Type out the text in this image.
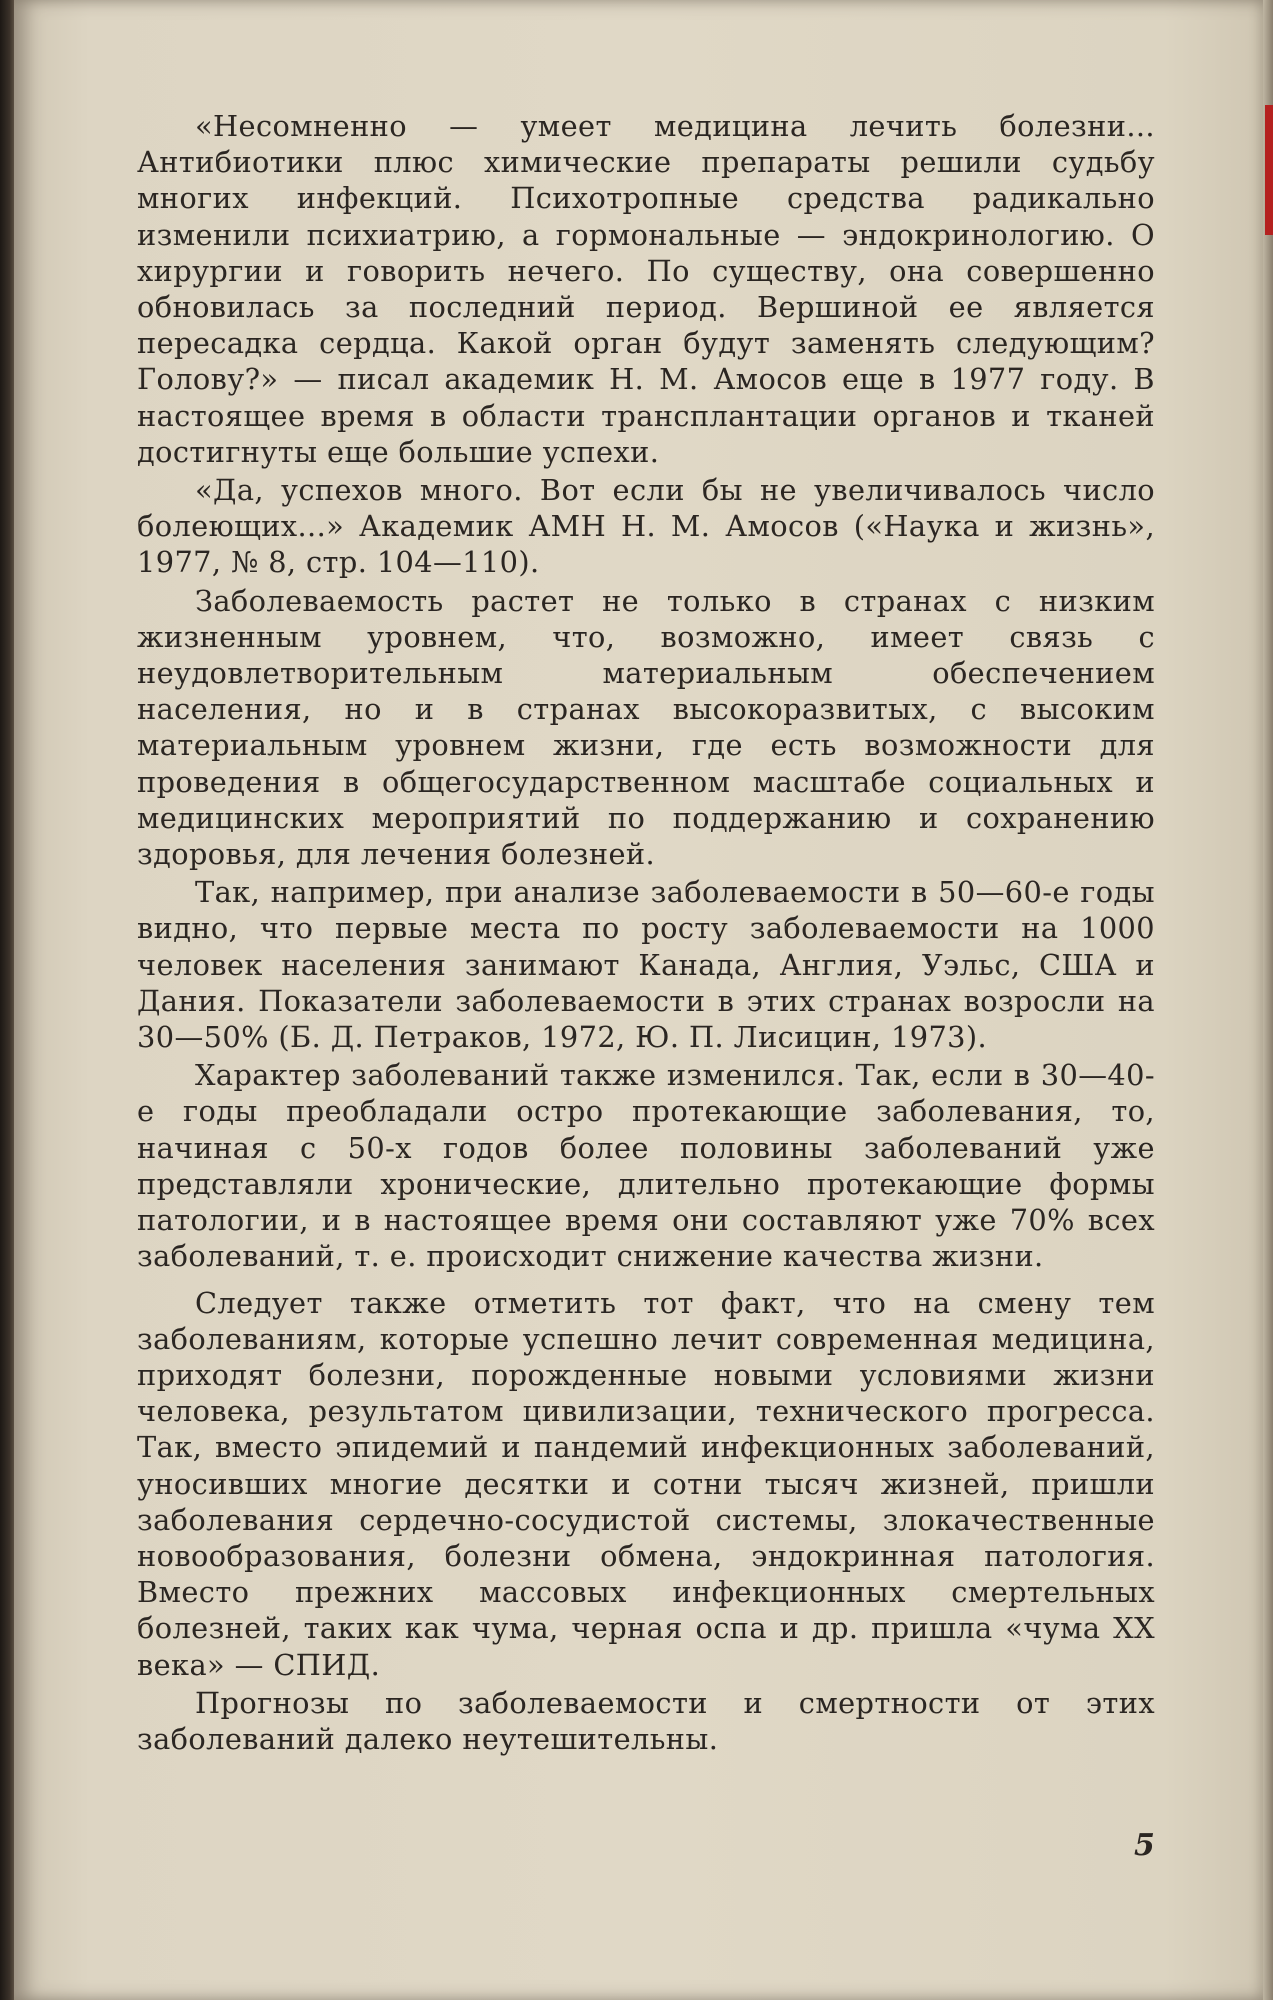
«Несомненно — умеет медицина лечить болезни... Антибиотики плюс химические препараты решили судьбу многих инфекций. Психотропные средства радикально изменили психиатрию, а гормональные — эндокринологию. О хирургии и говорить нечего. По существу, она совершенно обновилась за последний период. Вершиной ее является пересадка сердца. Какой орган будут заменять следующим? Голову?» — писал академик Н. М. Амосов еще в 1977 году. В настоящее время в области трансплантации органов и тканей достигнуты еще большие успехи.

«Да, успехов много. Вот если бы не увеличивалось число болеющих...» Академик АМН Н. М. Амосов («Наука и жизнь», 1977, № 8, стр. 104—110).

Заболеваемость растет не только в странах с низким жизненным уровнем, что, возможно, имеет связь с неудовлетворительным материальным обеспечением населения, но и в странах высокоразвитых, с высоким материальным уровнем жизни, где есть возможности для проведения в общегосударственном масштабе социальных и медицинских мероприятий по поддержанию и сохранению здоровья, для лечения болезней.

Так, например, при анализе заболеваемости в 50—60-е годы видно, что первые места по росту заболеваемости на 1000 человек населения занимают Канада, Англия, Уэльс, США и Дания. Показатели заболеваемости в этих странах возросли на 30—50% (Б. Д. Петраков, 1972, Ю. П. Лисицин, 1973).

Характер заболеваний также изменился. Так, если в 30—40-е годы преобладали остро протекающие заболевания, то, начиная с 50-х годов более половины заболеваний уже представляли хронические, длительно протекающие формы патологии, и в настоящее время они составляют уже 70% всех заболеваний, т. е. происходит снижение качества жизни.

Следует также отметить тот факт, что на смену тем заболеваниям, которые успешно лечит современная медицина, приходят болезни, порожденные новыми условиями жизни человека, результатом цивилизации, технического прогресса. Так, вместо эпидемий и пандемий инфекционных заболеваний, уносивших многие десятки и сотни тысяч жизней, пришли заболевания сердечно-сосудистой системы, злокачественные новообразования, болезни обмена, эндокринная патология. Вместо прежних массовых инфекционных смертельных болезней, таких как чума, черная оспа и др. пришла «чума XX века» — СПИД.

Прогнозы по заболеваемости и смертности от этих заболеваний далеко неутешительны.

5
